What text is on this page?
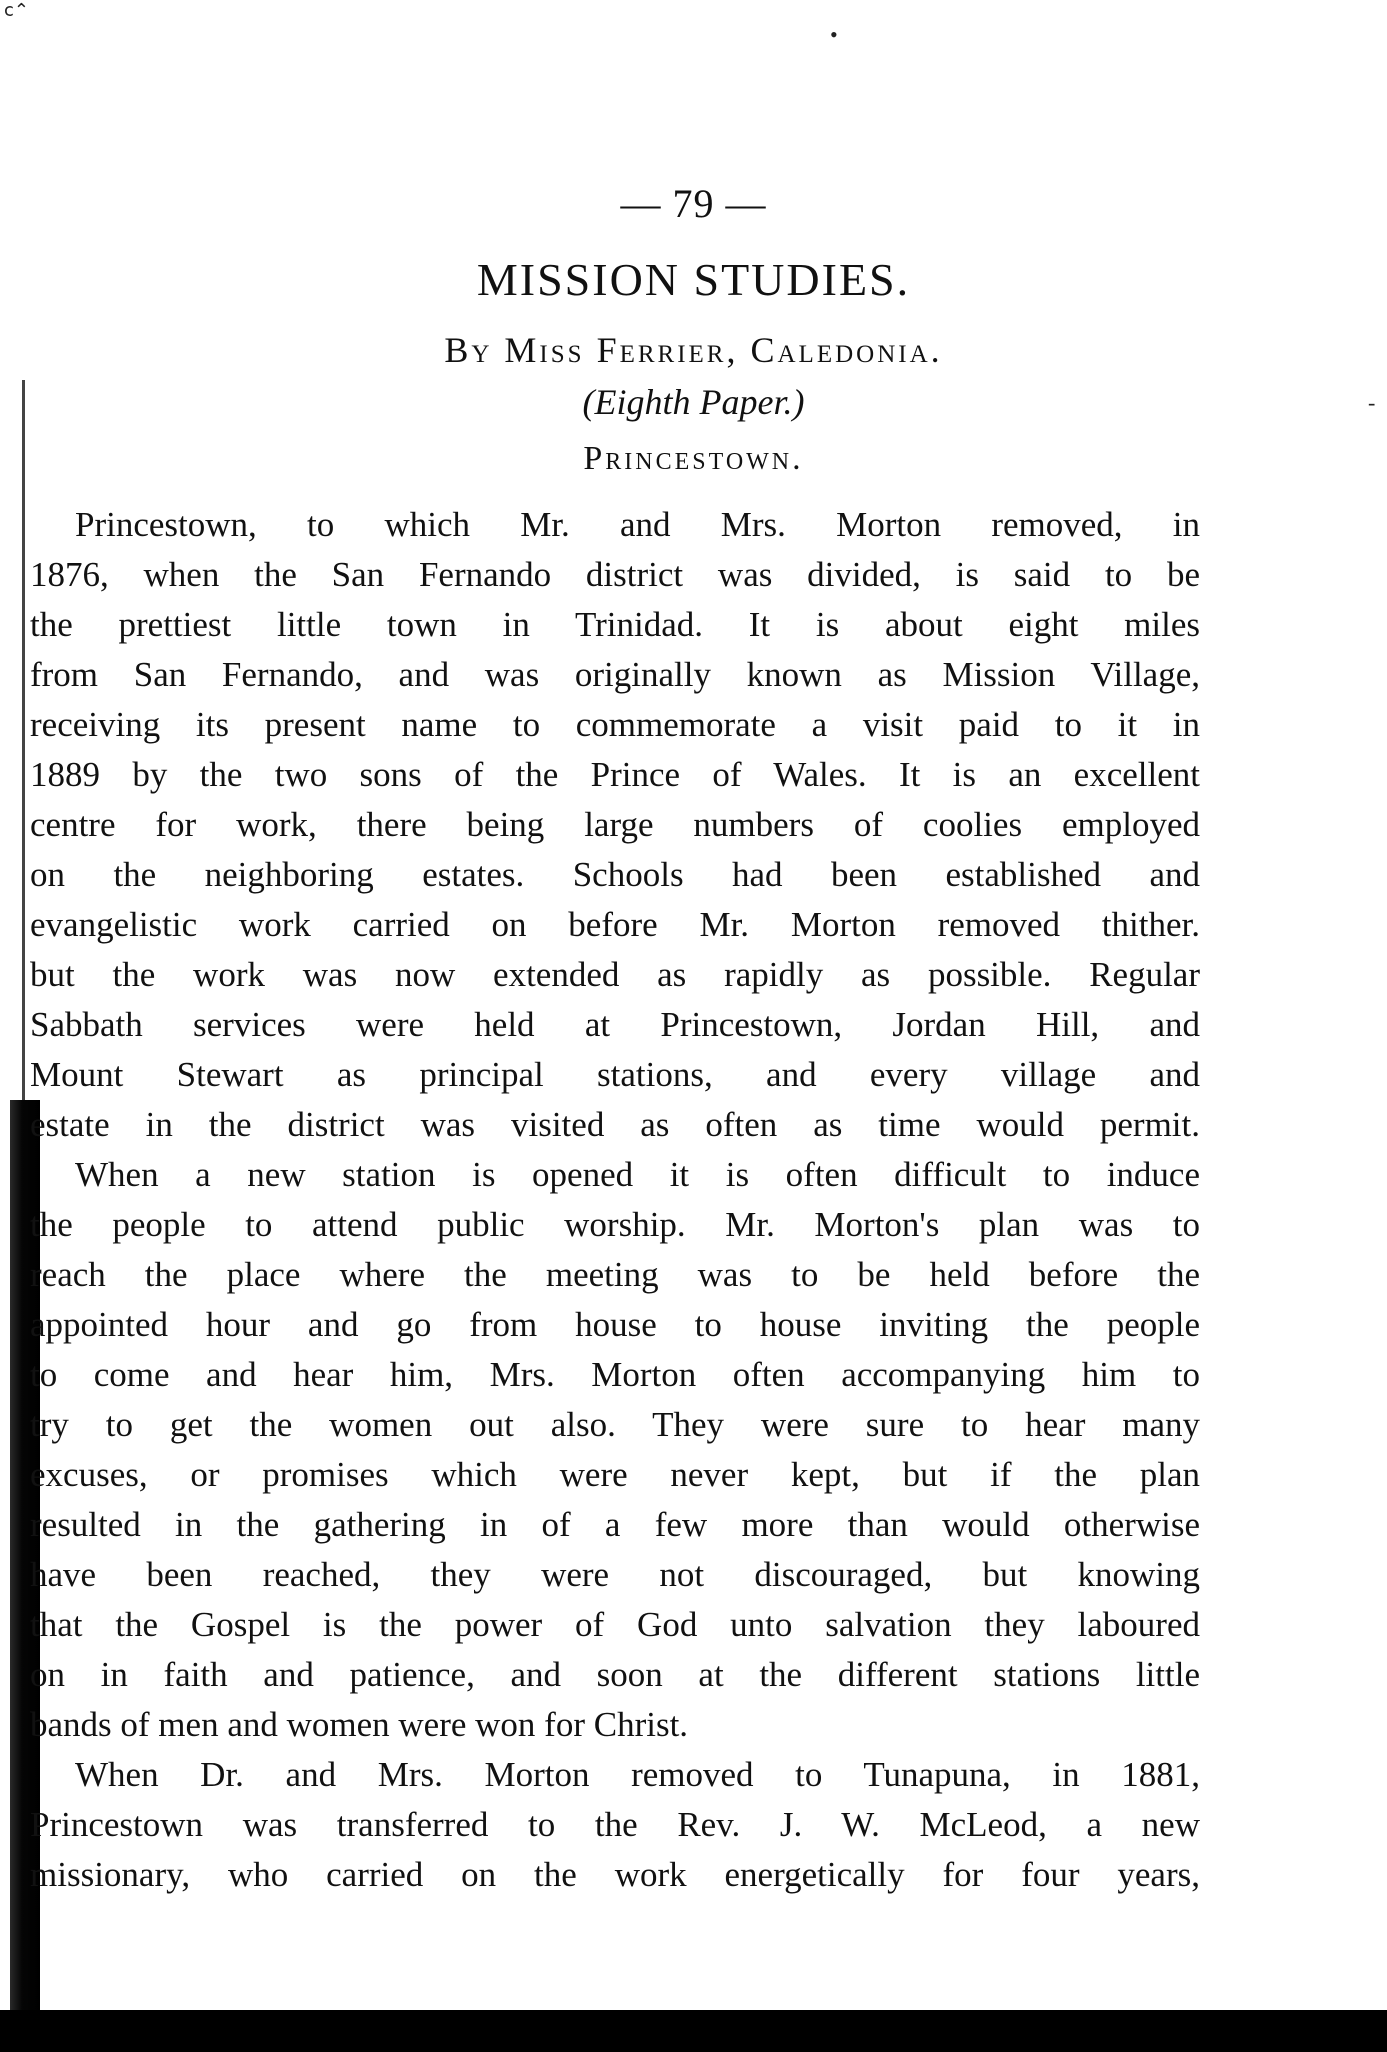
ⅽ⌃
•
-
— 79 —
MISSION STUDIES.
By Miss Ferrier, Caledonia.
(Eighth Paper.)
Princestown.
Princestown, to which Mr. and Mrs. Morton removed, in
1876, when the San Fernando district was divided, is said to be
the prettiest little town in Trinidad. It is about eight miles
from San Fernando, and was originally known as Mission Village,
receiving its present name to commemorate a visit paid to it in
1889 by the two sons of the Prince of Wales. It is an excellent
centre for work, there being large numbers of coolies employed
on the neighboring estates. Schools had been established and
evangelistic work carried on before Mr. Morton removed thither.
but the work was now extended as rapidly as possible. Regular
Sabbath services were held at Princestown, Jordan Hill, and
Mount Stewart as principal stations, and every village and
estate in the district was visited as often as time would permit.
When a new station is opened it is often difficult to induce
the people to attend public worship. Mr. Morton's plan was to
reach the place where the meeting was to be held before the
appointed hour and go from house to house inviting the people
to come and hear him, Mrs. Morton often accompanying him to
try to get the women out also. They were sure to hear many
excuses, or promises which were never kept, but if the plan
resulted in the gathering in of a few more than would otherwise
have been reached, they were not discouraged, but knowing
that the Gospel is the power of God unto salvation they laboured
on in faith and patience, and soon at the different stations little
bands of men and women were won for Christ.
When Dr. and Mrs. Morton removed to Tunapuna, in 1881,
Princestown was transferred to the Rev. J. W. McLeod, a new
missionary, who carried on the work energetically for four years,
